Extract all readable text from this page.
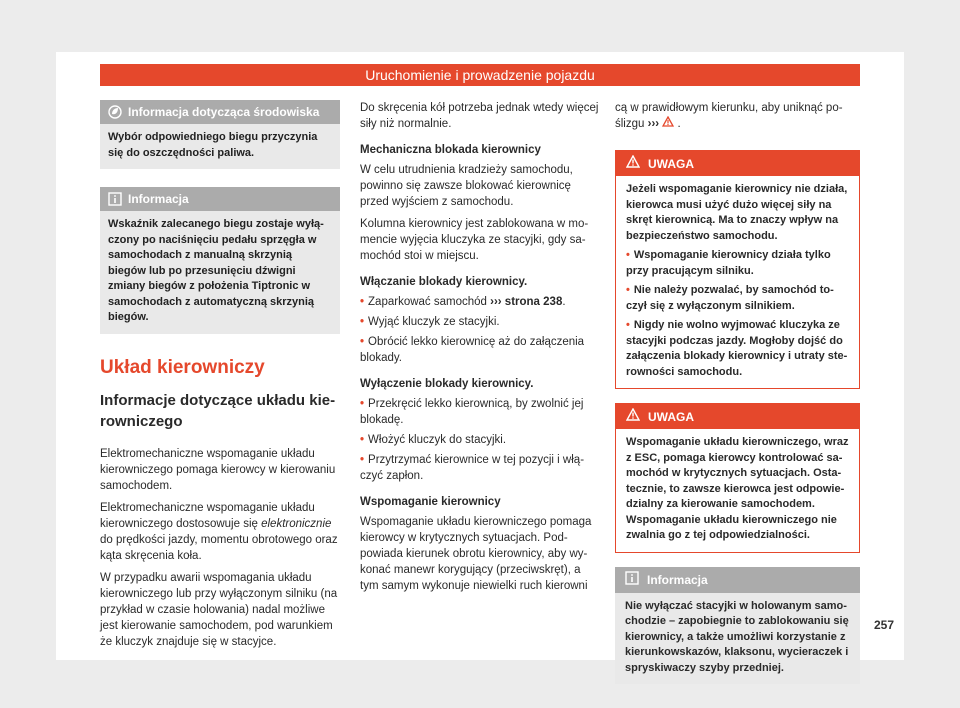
Uruchomienie i prowadzenie pojazdu
Informacja dotycząca środowiska
Wybór odpowiedniego biegu przyczynia się do oszczędności paliwa.
Informacja
Wskaźnik zalecanego biegu zostaje wyłączony po naciśnięciu pedału sprzęgła w samochodach z manualną skrzynią biegów lub po przesunięciu dźwigni zmiany biegów z położenia Tiptronic w samochodach z automatyczną skrzynią biegów.
Układ kierowniczy
Informacje dotyczące układu kierowniczego

Elektromechaniczne wspomaganie układu kierowniczego pomaga kierowcy w kierowaniu samochodem.

Elektromechaniczne wspomaganie układu kierowniczego dostosowuje się elektronicznie do prędkości jazdy, momentu obrotowego oraz kąta skręcenia koła.

W przypadku awarii wspomagania układu kierowniczego lub przy wyłączonym silniku (na przykład w czasie holowania) nadal możliwe jest kierowanie samochodem, pod warunkiem że kluczyk znajduje się w stacyjce.

Do skręcenia kół potrzeba jednak wtedy więcej siły niż normalnie.

Mechaniczna blokada kierownicy

W celu utrudnienia kradzieży samochodu, powinno się zawsze blokować kierownicę przed wyjściem z samochodu.

Kolumna kierownicy jest zablokowana w momencie wyjęcia kluczyka ze stacyjki, gdy samochód stoi w miejscu.

Włączanie blokady kierownicy.
• Zaparkować samochód ››› strona 238.
• Wyjąć kluczyk ze stacyjki.
• Obrócić lekko kierownicę aż do załączenia blokady.
Wyłączenie blokady kierownicy.
• Przekręcić lekko kierownicą, by zwolnić jej blokadę.
• Włożyć kluczyk do stacyjki.
• Przytrzymać kierownice w tej pozycji i włączyć zapłon.
Wspomaganie kierownicy

Wspomaganie układu kierowniczego pomaga kierowcy w krytycznych sytuacjach. Podpowiada kierunek obrotu kierownicy, aby wykonać manewr korygujący (przeciwskręt), a tym samym wykonuje niewielki ruch kierowni

cą w prawidłowym kierunku, aby uniknąć poślizgu ››› .

UWAGA
Jeżeli wspomaganie kierownicy nie działa, kierowca musi użyć dużo więcej siły na skręt kierownicą. Ma to znaczy wpływ na bezpieczeństwo samochodu.
• Wspomaganie kierownicy działa tylko przy pracującym silniku.
• Nie należy pozwalać, by samochód toczył się z wyłączonym silnikiem.
• Nigdy nie wolno wyjmować kluczyka ze stacyjki podczas jazdy. Mogłoby dojść do załączenia blokady kierownicy i utraty sterowności samochodu.
UWAGA
Wspomaganie układu kierowniczego, wraz z ESC, pomaga kierowcy kontrolować samochód w krytycznych sytuacjach. Ostatecznie, to zawsze kierowca jest odpowiedzialny za kierowanie samochodem. Wspomaganie układu kierowniczego nie zwalnia go z tej odpowiedzialności.
Informacja
Nie wyłączać stacyjki w holowanym samochodzie – zapobiegnie to zablokowaniu się kierownicy, a także umożliwi korzystanie z kierunkowskazów, klaksonu, wycieraczek i spryskiwaczy szyby przedniej.
257
